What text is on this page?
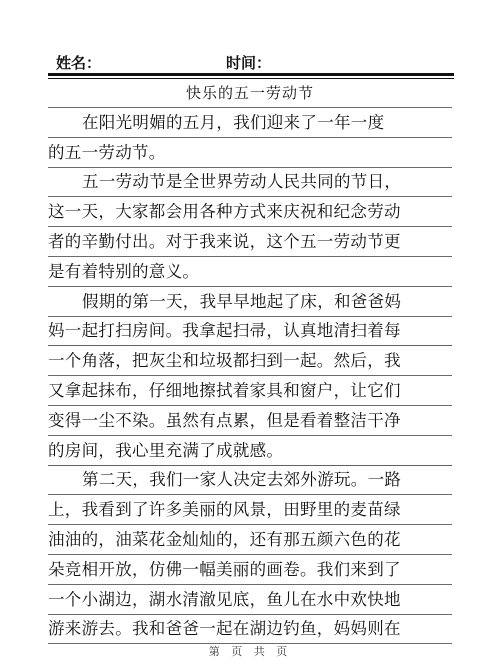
姓名：	时间：
快乐的五一劳动节
在阳光明媚的五月，我们迎来了一年一度
的五一劳动节。
五一劳动节是全世界劳动人民共同的节日，
这一天，大家都会用各种方式来庆祝和纪念劳动
者的辛勤付出。对于我来说，这个五一劳动节更
是有着特别的意义。
假期的第一天，我早早地起了床，和爸爸妈
妈一起打扫房间。我拿起扫帚，认真地清扫着每
一个角落，把灰尘和垃圾都扫到一起。然后，我
又拿起抹布，仔细地擦拭着家具和窗户，让它们
变得一尘不染。虽然有点累，但是看着整洁干净
的房间，我心里充满了成就感。
第二天，我们一家人决定去郊外游玩。一路
上，我看到了许多美丽的风景，田野里的麦苗绿
油油的，油菜花金灿灿的，还有那五颜六色的花
朵竞相开放，仿佛一幅美丽的画卷。我们来到了
一个小湖边，湖水清澈见底，鱼儿在水中欢快地
游来游去。我和爸爸一起在湖边钓鱼，妈妈则在
第 页 共 页
